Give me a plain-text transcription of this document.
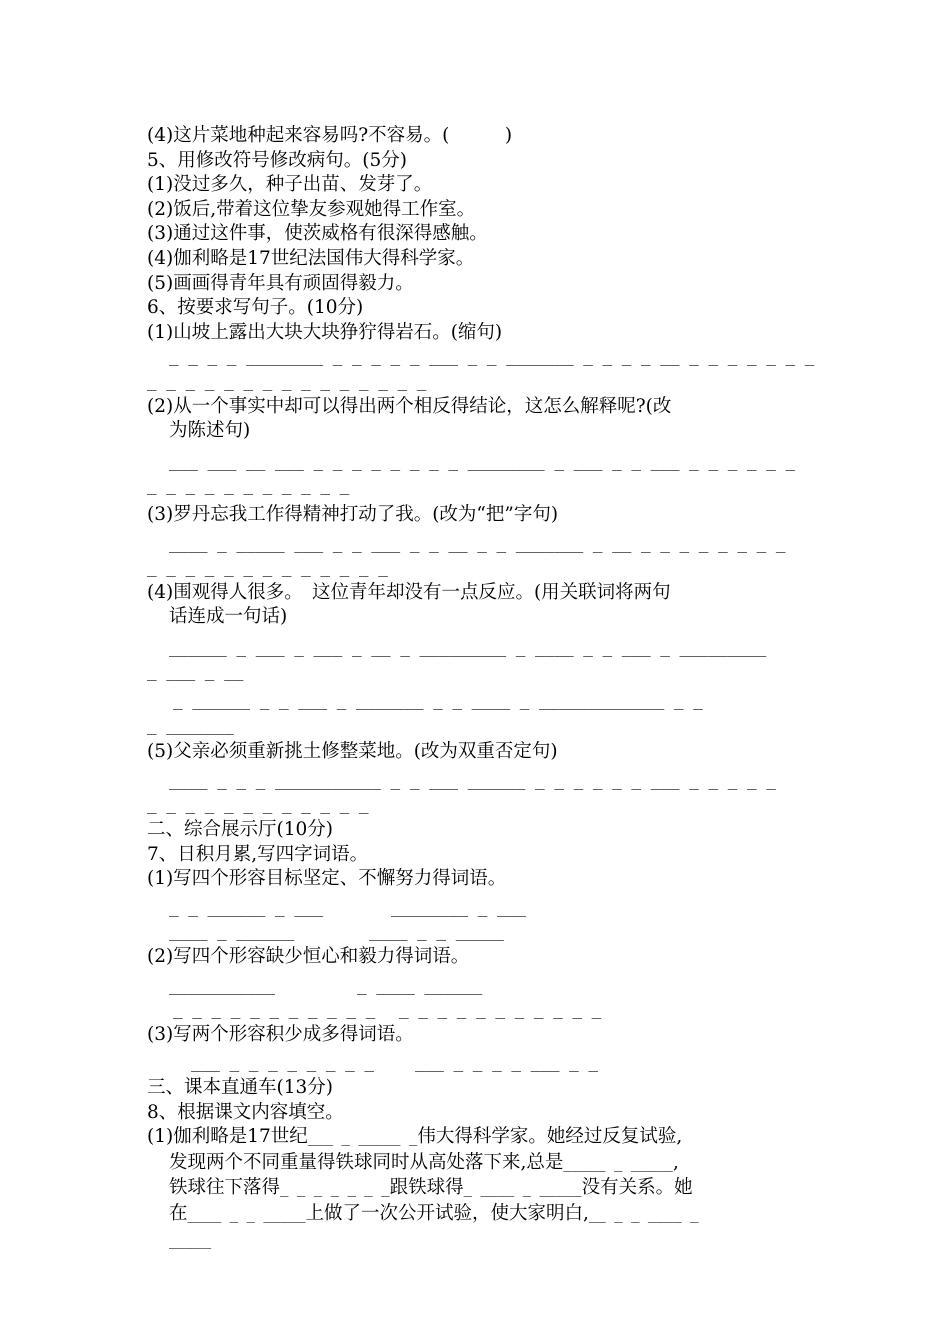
(4)这片菜地种起来容易吗?不容易。(　　　)
5、用修改符号修改病句。(5分)
(1)没过多久，种子出苗、发芽了。
(2)饭后,带着这位挚友参观她得工作室。
(3)通过这件事，使茨威格有很深得感触。
(4)伽利略是17世纪法国伟大得科学家。
(5)画画得青年具有顽固得毅力。
6、按要求写句子。(10分)
(1)山坡上露出大块大块狰狞得岩石。(缩句)
_ _ _ _ ________ _ _ _ _ _ ___ _ _ _______ _ _ _ _ __ _ _ _ _ _ _ _
_ _ _ _ _ _ _ _ _ _ _ _ _ _ _
(2)从一个事实中却可以得出两个相反得结论，这怎么解释呢?(改
为陈述句)
___ ___ __ ___ _ _ _ _ _ _ _ _ ________ _ ___ _ _ ___ _ _ _ _ _ _
_ _ _ _ _ _ _ _ _ _ _
(3)罗丹忘我工作得精神打动了我。(改为“把”字句)
____ _ _____ ___ _ _ ___ _ _ __ _ _ _______ _ __ _ _ _ _ _ _ _ _
_ _ _ _ _ _ _ _ _ _ _ _ _
(4)围观得人很多。　这位青年却没有一点反应。(用关联词将两句
话连成一句话)
______ _ ___ _ ___ _ __ _ _________ _ ____ _ _ ___ _ _________
_ ___ _ __
_ ______ _ _ ___ _ _______ _ _ ____ _ _____________ _ _
_ _______
(5)父亲必须重新挑土修整菜地。(改为双重否定句)
____ _ _ _ ___________ _ _ ___ ______ _ _ _ _ _ _ ___ _ _ _ _ _
_ _ _ _ _ _ _ _ _ _ _ _
二、综合展示厅(10分)
7、日积月累,写四字词语。
(1)写四个形容目标坚定、不懈努力得词语。
_ _ ______ _ ___	________ _ ___
____ _ ______	____ _ _ _____
(2)写四个形容缺少恒心和毅力得词语。
___________	_ ____ ______
_ _ _ _ _ _ _ _ _ _ _	_ _ _ _ _ _ _ _ _ _ _
(3)写两个形容积少成多得词语。
___ _ _ _ _ _ _ _ _	___ _ _ _ _ ___ _ _
三、课本直通车(13分)
8、根据课文内容填空。
(1)伽利略是17世纪___ _ _____ _伟大得科学家。她经过反复试验,
发现两个不同重量得铁球同时从高处落下来,总是_____ _ _____,
铁球往下落得_ _ _ _ _ _ _跟铁球得_ ____ _ _____没有关系。她
在____ _ _ _____上做了一次公开试验，使大家明白,__ _ _ ____ _
_____
